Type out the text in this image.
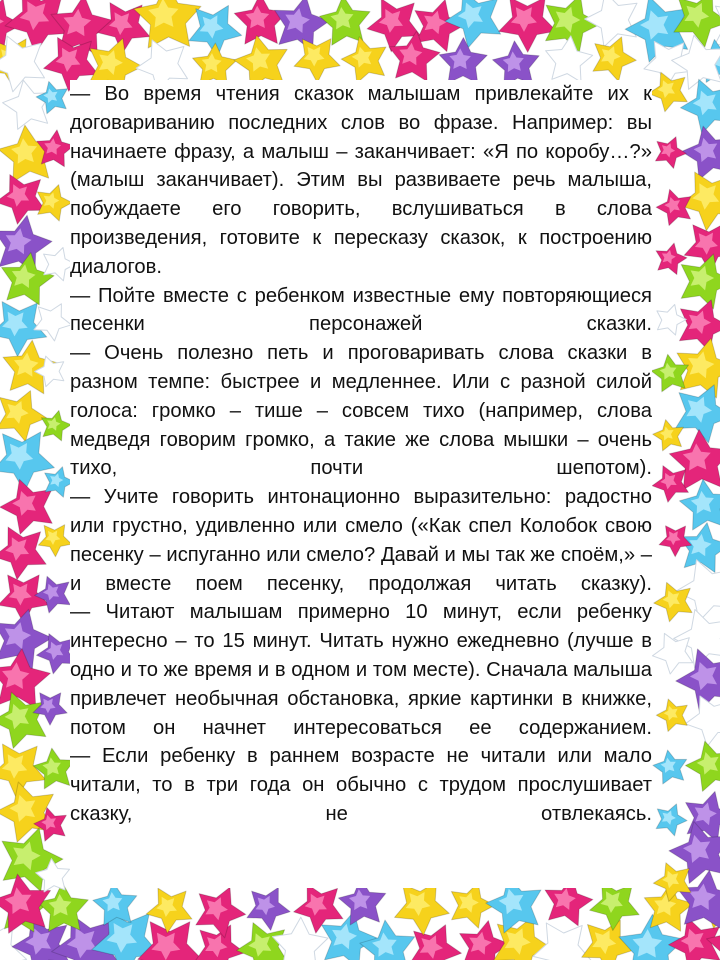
— Во время чтения сказок малышам привлекайте их к договариванию последних слов во фразе. Например: вы начинаете фразу, а малыш – заканчивает: «Я по коробу…?» (малыш заканчивает). Этим вы развиваете речь малыша, побуждаете его говорить, вслушиваться в слова произведения, готовите к пересказу сказок, к построению диалогов.

— Пойте вместе с ребенком известные ему повторяющиеся песенки персонажей сказки.

— Очень полезно петь и проговаривать слова сказки в разном темпе: быстрее и медленнее. Или с разной силой голоса: громко – тише – совсем тихо (например, слова медведя говорим громко, а такие же слова мышки – очень тихо, почти шепотом).

— Учите говорить интонационно выразительно: радостно или грустно, удивленно или смело («Как спел Колобок свою песенку – испуганно или смело? Давай и мы так же споём,» – и вместе поем песенку, продолжая читать сказку).

— Читают малышам примерно 10 минут, если ребенку интересно – то 15 минут. Читать нужно ежедневно (лучше в одно и то же время и в одном и том месте). Сначала малыша привлечет необычная обстановка, яркие картинки в книжке, потом он начнет интересоваться ее содержанием.

— Если ребенку в раннем возрасте не читали или мало читали, то в три года он обычно с трудом прослушивает сказку, не отвлекаясь.
